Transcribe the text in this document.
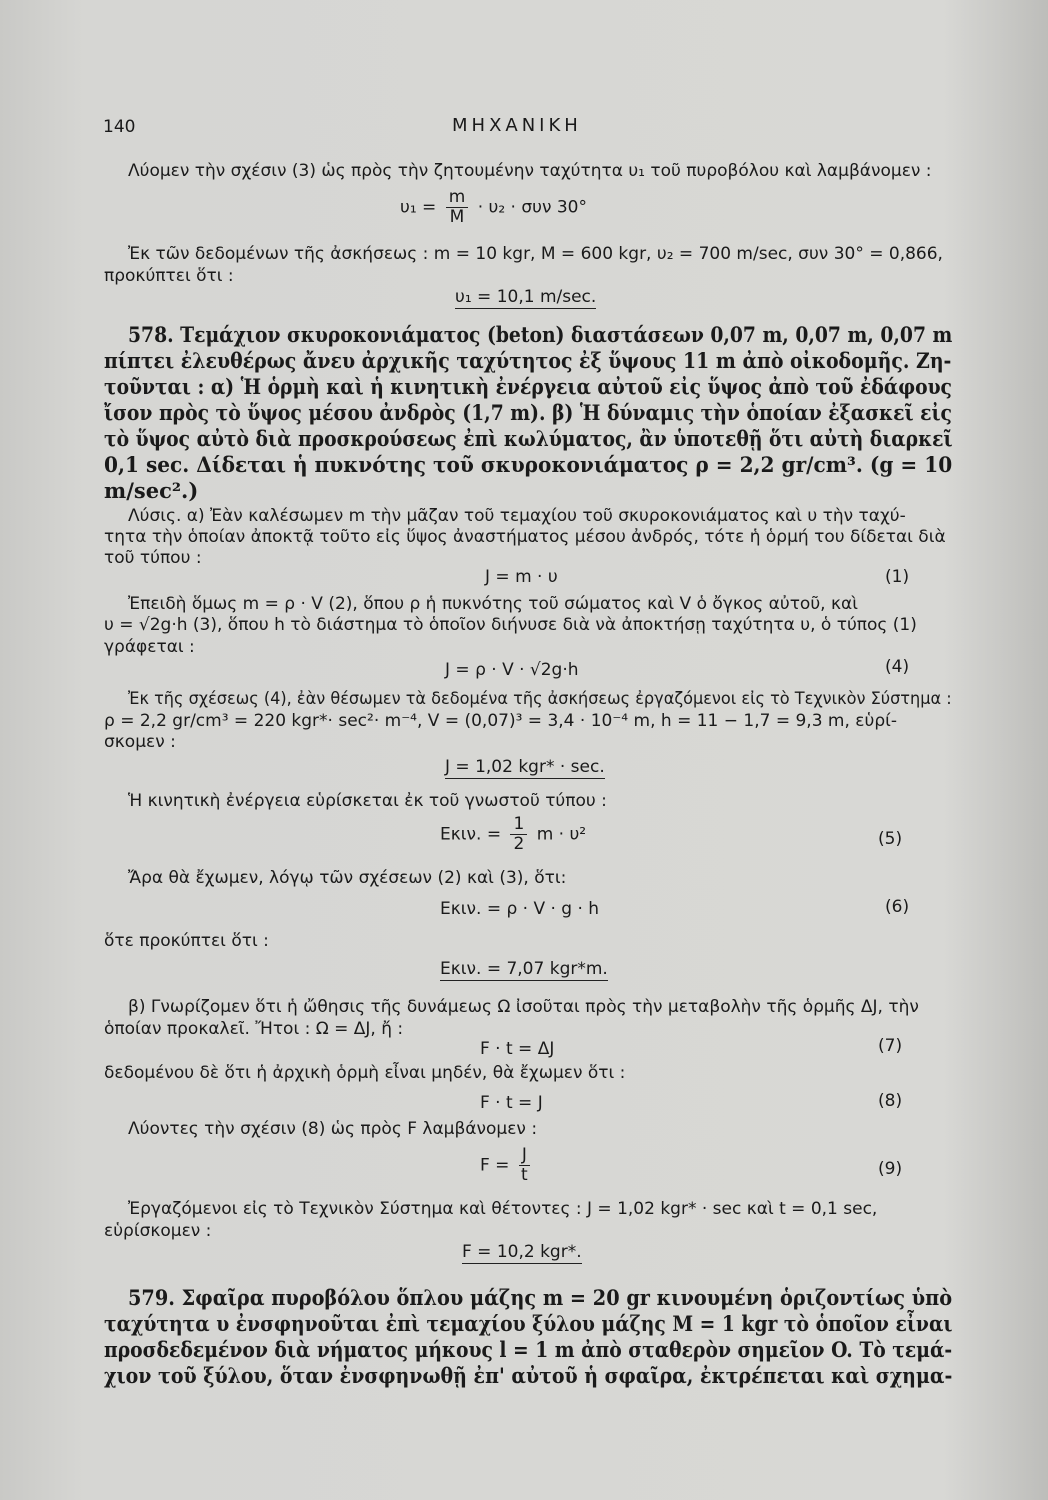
140	ΜΗΧΑΝΙΚΗ
Λύομεν τὴν σχέσιν (3) ὡς πρὸς τὴν ζητουμένην ταχύτητα υ₁ τοῦ πυροβόλου καὶ λαμβάνομεν :
$\upsilon_1 = \frac{m}{M} \cdot \upsilon_2 \cdot \sigma\upsilon\nu$ 30°
Ἐκ τῶν δεδομένων τῆς ἀσκήσεως : m = 10 kgr, M = 600 kgr, υ₂ = 700 m/sec, συν 30° = 0,866,
προκύπτει ὅτι :
υ₁ = 10,1 m/sec.
578. Τεμάχιον σκυροκονιάματος (beton) διαστάσεων 0,07 m, 0,07 m, 0,07 m
πίπτει ἐλευθέρως ἄνευ ἀρχικῆς ταχύτητος ἐξ ὕψους 11 m ἀπὸ οἰκοδομῆς. Ζη-
τοῦνται : α) Ἡ ὁρμὴ καὶ ἡ κινητικὴ ἐνέργεια αὐτοῦ εἰς ὕψος ἀπὸ τοῦ ἐδάφους
ἴσον πρὸς τὸ ὕψος μέσου ἀνδρὸς (1,7 m). β) Ἡ δύναμις τὴν ὁποίαν ἐξασκεῖ εἰς
τὸ ὕψος αὐτὸ διὰ προσκρούσεως ἐπὶ κωλύματος, ἂν ὑποτεθῇ ὅτι αὐτὴ διαρκεῖ
0,1 sec. Δίδεται ἡ πυκνότης τοῦ σκυροκονιάματος ρ = 2,2 gr/cm³. (g = 10
m/sec².)
Λύσις. α) Ἐὰν καλέσωμεν m τὴν μᾶζαν τοῦ τεμαχίου τοῦ σκυροκονιάματος καὶ υ τὴν ταχύ-
τητα τὴν ὁποίαν ἀποκτᾷ τοῦτο εἰς ὕψος ἀναστήματος μέσου ἀνδρός, τότε ἡ ὁρμή του δίδεται διὰ
τοῦ τύπου :
J = m · υ	(1)
Ἐπειδὴ ὅμως m = ρ · V (2), ὅπου ρ ἡ πυκνότης τοῦ σώματος καὶ V ὁ ὄγκος αὐτοῦ, καὶ
υ = √2g·h (3), ὅπου h τὸ διάστημα τὸ ὁποῖον διήνυσε διὰ νὰ ἀποκτήσῃ ταχύτητα υ, ὁ τύπος (1)
γράφεται :
J = ρ · V · √2g·h	(4)
Ἐκ τῆς σχέσεως (4), ἐὰν θέσωμεν τὰ δεδομένα τῆς ἀσκήσεως ἐργαζόμενοι εἰς τὸ Τεχνικὸν Σύστημα :
ρ = 2,2 gr/cm³ = 220 kgr*· sec²· m⁻⁴, V = (0,07)³ = 3,4 · 10⁻⁴ m, h = 11 − 1,7 = 9,3 m, εὑρί-
σκομεν :
J = 1,02 kgr* · sec.
Ἡ κινητικὴ ἐνέργεια εὑρίσκεται ἐκ τοῦ γνωστοῦ τύπου :
Eκιν. = $\frac{1}{2}$ m · υ²	(5)
Ἄρα θὰ ἔχωμεν, λόγῳ τῶν σχέσεων (2) καὶ (3), ὅτι:
Eκιν. = ρ · V · g · h	(6)
ὅτε προκύπτει ὅτι :
Eκιν. = 7,07 kgr*m.
β) Γνωρίζομεν ὅτι ἡ ὤθησις τῆς δυνάμεως Ω ἰσοῦται πρὸς τὴν μεταβολὴν τῆς ὁρμῆς ΔJ, τὴν
ὁποίαν προκαλεῖ. Ἤτοι : Ω = ΔJ, ἤ :
F · t = ΔJ	(7)
δεδομένου δὲ ὅτι ἡ ἀρχικὴ ὁρμὴ εἶναι μηδέν, θὰ ἔχωμεν ὅτι :
F · t = J	(8)
Λύοντες τὴν σχέσιν (8) ὡς πρὸς F λαμβάνομεν :
$F = \frac{J}{t}$	(9)
Ἐργαζόμενοι εἰς τὸ Τεχνικὸν Σύστημα καὶ θέτοντες : J = 1,02 kgr* · sec καὶ t = 0,1 sec,
εὑρίσκομεν :
F = 10,2 kgr*.
579. Σφαῖρα πυροβόλου ὅπλου μάζης m = 20 gr κινουμένη ὁριζοντίως ὑπὸ
ταχύτητα υ ἐνσφηνοῦται ἐπὶ τεμαχίου ξύλου μάζης M = 1 kgr τὸ ὁποῖον εἶναι
προσδεδεμένον διὰ νήματος μήκους l = 1 m ἀπὸ σταθερὸν σημεῖον O. Τὸ τεμά-
χιον τοῦ ξύλου, ὅταν ἐνσφηνωθῇ ἐπ' αὐτοῦ ἡ σφαῖρα, ἐκτρέπεται καὶ σχημα-
